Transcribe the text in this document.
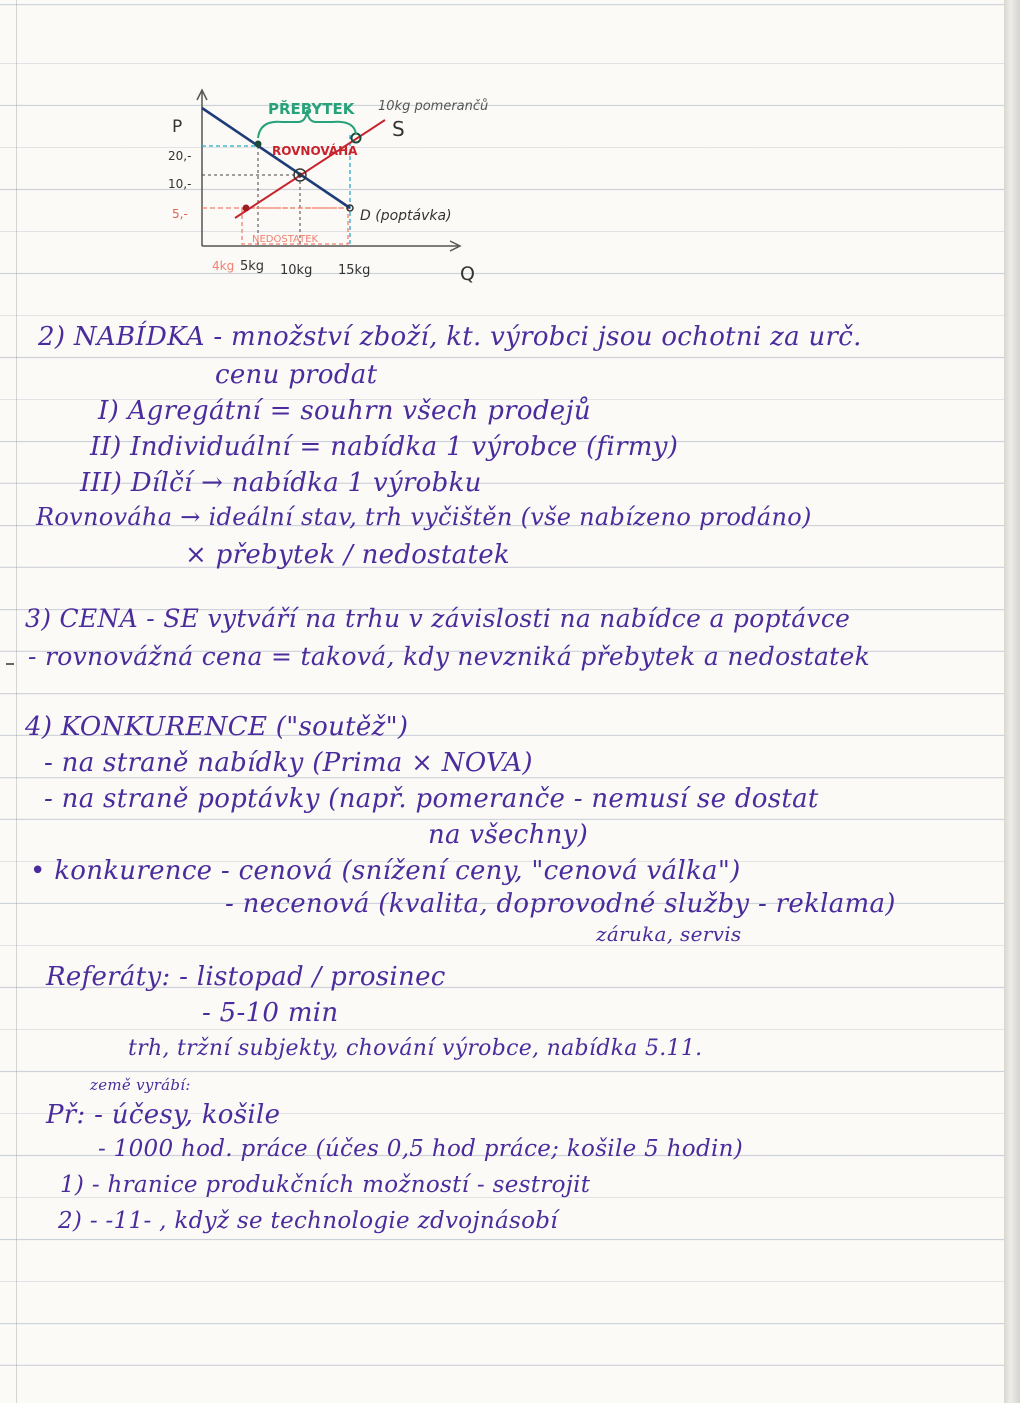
P
Q
NEDOSTATEK
PŘEBYTEK 10kg pomerančů
ROVNOVÁHA
S
D (poptávka)
20,-
10,-
5,-
4kg 5kg 10kg 15kg
2) NABÍDKA - množství zboží, kt. výrobci jsou ochotni za urč.
cenu prodat
I) Agregátní = souhrn všech prodejů
II) Individuální = nabídka 1 výrobce (firmy)
III) Dílčí → nabídka 1 výrobku
Rovnováha → ideální stav, trh vyčištěn (vše nabízeno prodáno)
× přebytek / nedostatek
3) CENA - SE vytváří na trhu v závislosti na nabídce a poptávce
- rovnovážná cena = taková, kdy nevzniká přebytek a nedostatek
4) KONKURENCE ("soutěž")
- na straně nabídky (Prima × NOVA)
- na straně poptávky (např. pomeranče - nemusí se dostat
na všechny)
• konkurence - cenová (snížení ceny, "cenová válka")
- necenová (kvalita, doprovodné služby - reklama)
záruka, servis
Referáty: - listopad / prosinec
- 5-10 min
trh, tržní subjekty, chování výrobce, nabídka 5.11.
země vyrábí:
Př: - účesy, košile
- 1000 hod. práce (účes 0,5 hod práce; košile 5 hodin)
1) - hranice produkčních možností - sestrojit
2) - -11- , když se technologie zdvojnásobí
